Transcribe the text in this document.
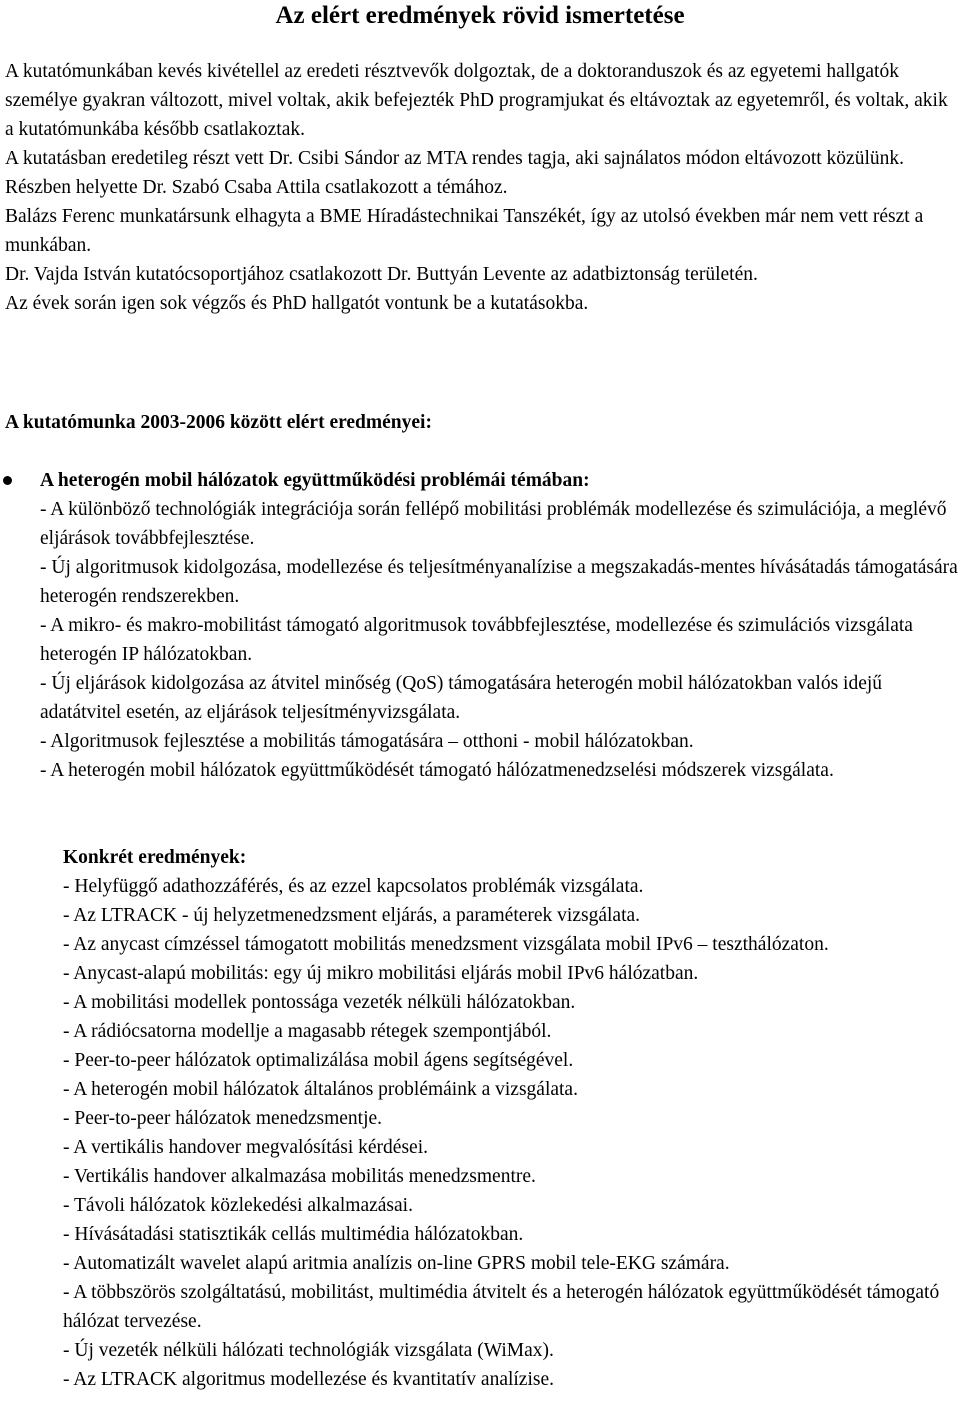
Az elért eredmények rövid ismertetése

A kutatómunkában kevés kivétellel az eredeti résztvevők dolgoztak, de a doktoranduszok és az egyetemi hallgatók személye gyakran változott, mivel voltak, akik befejezték PhD programjukat és eltávoztak az egyetemről, és voltak, akik a kutatómunkába később csatlakoztak.

A kutatásban eredetileg részt vett Dr. Csibi Sándor az MTA rendes tagja, aki sajnálatos módon eltávozott közülünk. Részben helyette Dr. Szabó Csaba Attila csatlakozott a témához.

Balázs Ferenc munkatársunk elhagyta a BME Híradástechnikai Tanszékét, így az utolsó években már nem vett részt a munkában.

Dr. Vajda István kutatócsoportjához csatlakozott Dr. Buttyán Levente az adatbiztonság területén.

Az évek során igen sok végzős és PhD hallgatót vontunk be a kutatásokba.

A kutatómunka 2003-2006 között elért eredményei:

A heterogén mobil hálózatok együttműködési problémái témában:

- A különböző technológiák integrációja során fellépő mobilitási problémák modellezése és szimulációja, a meglévő eljárások továbbfejlesztése.
- Új algoritmusok kidolgozása, modellezése és teljesítményanalízise a megszakadás-mentes hívásátadás támogatására heterogén rendszerekben.
- A mikro- és makro-mobilitást támogató algoritmusok továbbfejlesztése, modellezése és szimulációs vizsgálata heterogén IP hálózatokban.
- Új eljárások kidolgozása az átvitel minőség (QoS) támogatására heterogén mobil hálózatokban valós idejű adatátvitel esetén, az eljárások teljesítményvizsgálata.
- Algoritmusok fejlesztése a mobilitás támogatására – otthoni - mobil hálózatokban.
- A heterogén mobil hálózatok együttműködését támogató hálózatmenedzselési módszerek vizsgálata.
Konkrét eredmények:
- Helyfüggő adathozzáférés, és az ezzel kapcsolatos problémák vizsgálata.
- Az LTRACK - új helyzetmenedzsment eljárás, a paraméterek vizsgálata.
- Az anycast címzéssel támogatott mobilitás menedzsment vizsgálata mobil IPv6 – teszthálózaton.
- Anycast-alapú mobilitás: egy új mikro mobilitási eljárás mobil IPv6 hálózatban.
- A mobilitási modellek pontossága vezeték nélküli hálózatokban.
- A rádiócsatorna modellje a magasabb rétegek szempontjából.
- Peer-to-peer hálózatok optimalizálása mobil ágens segítségével.
- A heterogén mobil hálózatok általános problémáink a vizsgálata.
- Peer-to-peer hálózatok menedzsmentje.
- A vertikális handover megvalósítási kérdései.
- Vertikális handover alkalmazása mobilitás menedzsmentre.
- Távoli hálózatok közlekedési alkalmazásai.
- Hívásátadási statisztikák cellás multimédia hálózatokban.
- Automatizált wavelet alapú aritmia analízis on-line GPRS mobil tele-EKG számára.
- A többszörös szolgáltatású, mobilitást, multimédia átvitelt és a heterogén hálózatok együttműködését támogató hálózat tervezése.
- Új vezeték nélküli hálózati technológiák vizsgálata (WiMax).
- Az LTRACK algoritmus modellezése és kvantitatív analízise.
